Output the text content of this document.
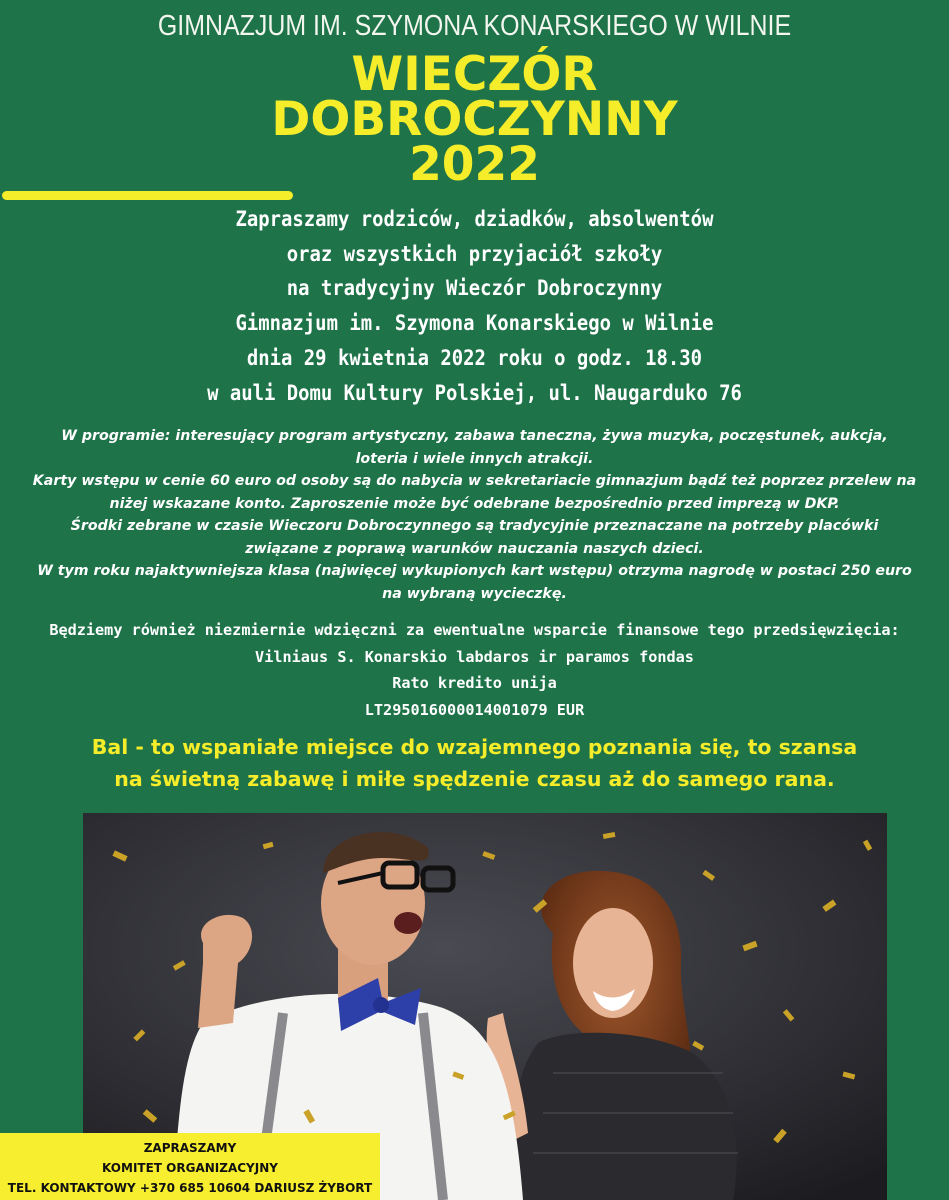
GIMNAZJUM IM. SZYMONA KONARSKIEGO W WILNIE
WIECZÓR
DOBROCZYNNY
2022
Zapraszamy rodziców, dziadków, absolwentów
oraz wszystkich przyjaciół szkoły
na tradycyjny Wieczór Dobroczynny
Gimnazjum im. Szymona Konarskiego w Wilnie
dnia 29 kwietnia 2022 roku o godz. 18.30
w auli Domu Kultury Polskiej, ul. Naugarduko 76
W programie: interesujący program artystyczny, zabawa taneczna, żywa muzyka, poczęstunek, aukcja,
loteria i wiele innych atrakcji.
Karty wstępu w cenie 60 euro od osoby są do nabycia w sekretariacie gimnazjum bądź też poprzez przelew na
niżej wskazane konto. Zaproszenie może być odebrane bezpośrednio przed imprezą w DKP.
Środki zebrane w czasie Wieczoru Dobroczynnego są tradycyjnie przeznaczane na potrzeby placówki
związane z poprawą warunków nauczania naszych dzieci.
W tym roku najaktywniejsza klasa (najwięcej wykupionych kart wstępu) otrzyma nagrodę w postaci 250 euro
na wybraną wycieczkę.
Będziemy również niezmiernie wdzięczni za ewentualne wsparcie finansowe tego przedsięwzięcia:
Vilniaus S. Konarskio labdaros ir paramos fondas
Rato kredito unija
LT295016000014001079 EUR
Bal - to wspaniałe miejsce do wzajemnego poznania się, to szansa
na świetną zabawę i miłe spędzenie czasu aż do samego rana.
ZAPRASZAMY
KOMITET ORGANIZACYJNY
TEL. KONTAKTOWY +370 685 10604 DARIUSZ ŻYBORT
